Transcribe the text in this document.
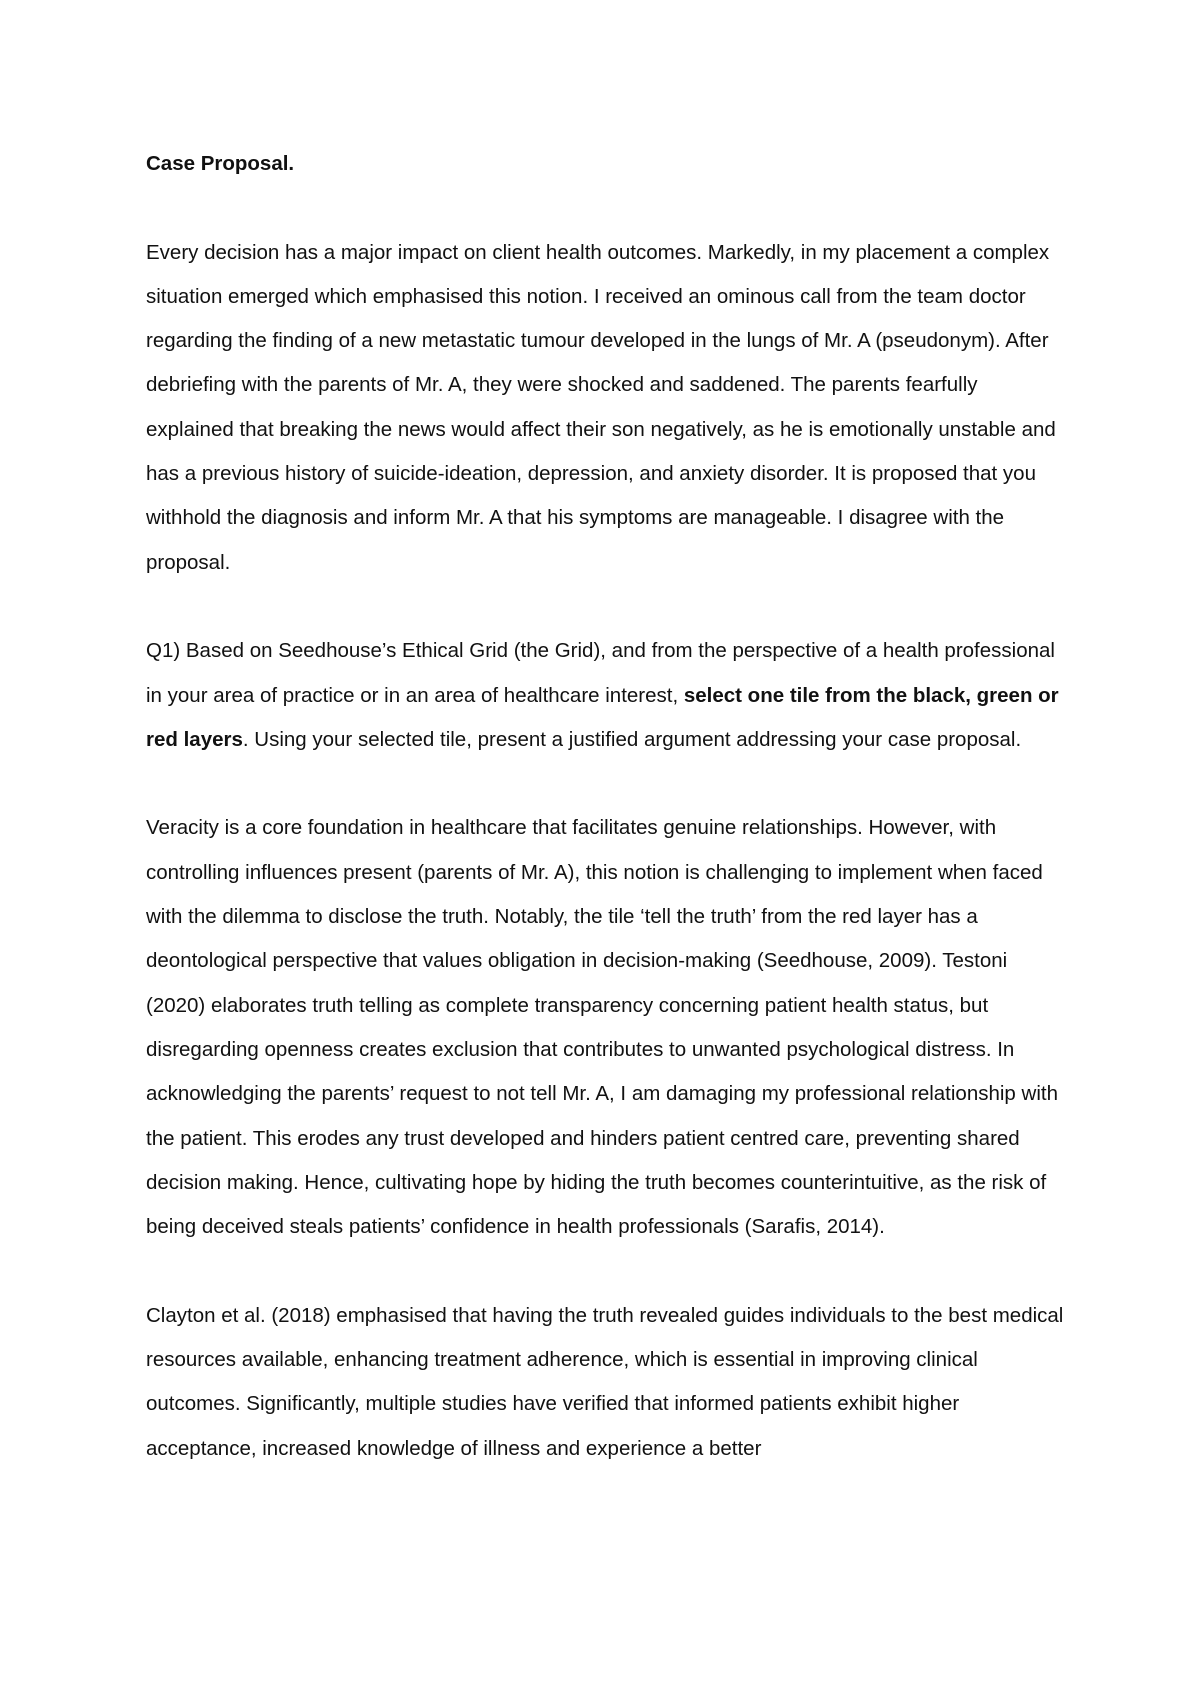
Case Proposal.

Every decision has a major impact on client health outcomes. Markedly, in my placement a complex situation emerged which emphasised this notion. I received an ominous call from the team doctor regarding the finding of a new metastatic tumour developed in the lungs of Mr. A (pseudonym). After debriefing with the parents of Mr. A, they were shocked and saddened. The parents fearfully explained that breaking the news would affect their son negatively, as he is emotionally unstable and has a previous history of suicide-ideation, depression, and anxiety disorder. It is proposed that you withhold the diagnosis and inform Mr. A that his symptoms are manageable. I disagree with the proposal.

Q1) Based on Seedhouse’s Ethical Grid (the Grid), and from the perspective of a health professional in your area of practice or in an area of healthcare interest, select one tile from the black, green or red layers. Using your selected tile, present a justified argument addressing your case proposal.

Veracity is a core foundation in healthcare that facilitates genuine relationships. However, with controlling influences present (parents of Mr. A), this notion is challenging to implement when faced with the dilemma to disclose the truth. Notably, the tile ‘tell the truth’ from the red layer has a deontological perspective that values obligation in decision-making (Seedhouse, 2009). Testoni (2020) elaborates truth telling as complete transparency concerning patient health status, but disregarding openness creates exclusion that contributes to unwanted psychological distress. In acknowledging the parents’ request to not tell Mr. A, I am damaging my professional relationship with the patient. This erodes any trust developed and hinders patient centred care, preventing shared decision making. Hence, cultivating hope by hiding the truth becomes counterintuitive, as the risk of being deceived steals patients’ confidence in health professionals (Sarafis, 2014).

Clayton et al. (2018) emphasised that having the truth revealed guides individuals to the best medical resources available, enhancing treatment adherence, which is essential in improving clinical outcomes. Significantly, multiple studies have verified that informed patients exhibit higher acceptance, increased knowledge of illness and experience a better
